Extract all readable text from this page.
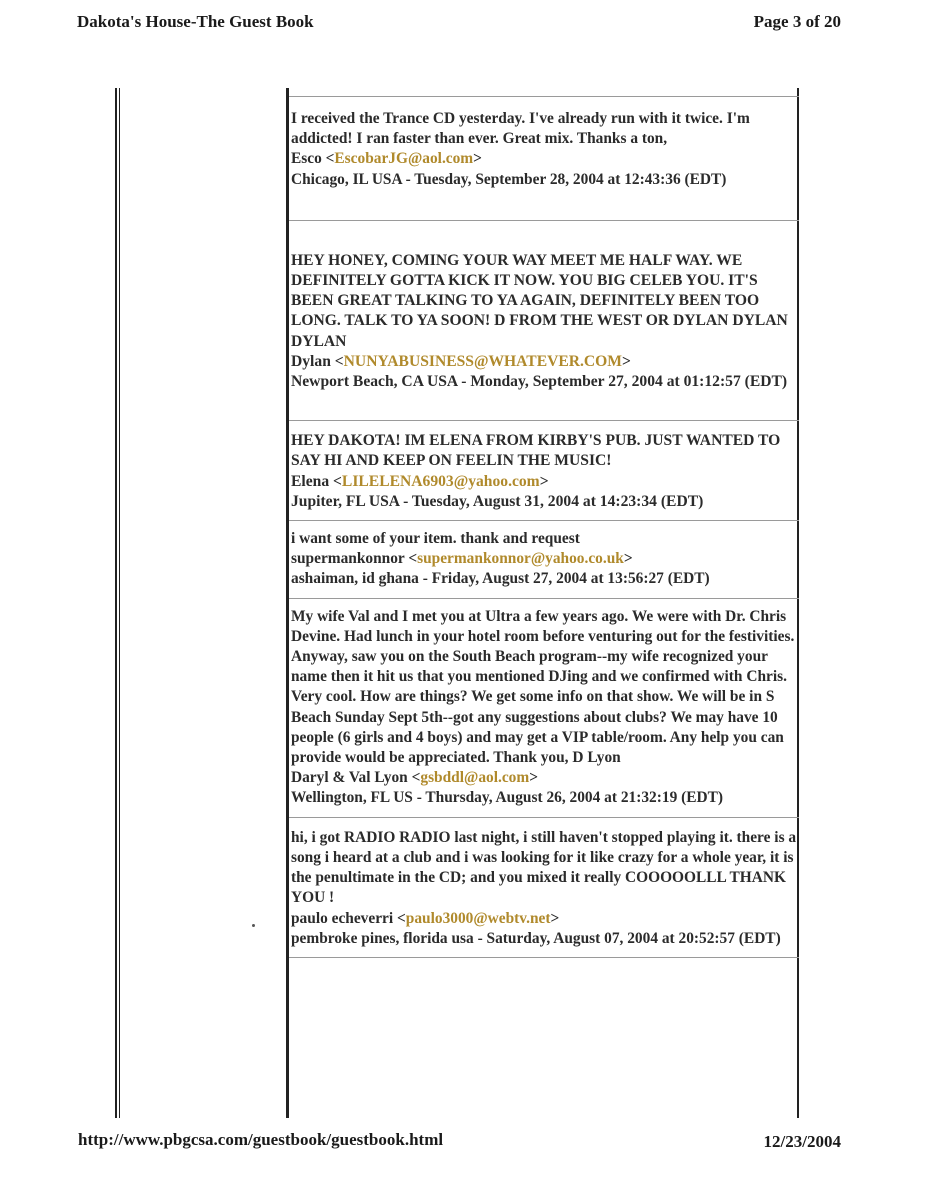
Dakota's House-The Guest Book	Page 3 of 20
I received the Trance CD yesterday. I've already run with it twice. I'm addicted! I ran faster than ever. Great mix. Thanks a ton,
Esco <EscobarJG@aol.com>
Chicago, IL USA - Tuesday, September 28, 2004 at 12:43:36 (EDT)
HEY HONEY, COMING YOUR WAY MEET ME HALF WAY. WE DEFINITELY GOTTA KICK IT NOW. YOU BIG CELEB YOU. IT'S BEEN GREAT TALKING TO YA AGAIN, DEFINITELY BEEN TOO LONG. TALK TO YA SOON! D FROM THE WEST OR DYLAN DYLAN DYLAN
Dylan <NUNYABUSINESS@WHATEVER.COM>
Newport Beach, CA USA - Monday, September 27, 2004 at 01:12:57 (EDT)
HEY DAKOTA! IM ELENA FROM KIRBY'S PUB. JUST WANTED TO SAY HI AND KEEP ON FEELIN THE MUSIC!
Elena <LILELENA6903@yahoo.com>
Jupiter, FL USA - Tuesday, August 31, 2004 at 14:23:34 (EDT)
i want some of your item. thank and request
supermankonnor <supermankonnor@yahoo.co.uk>
ashaiman, id ghana - Friday, August 27, 2004 at 13:56:27 (EDT)
My wife Val and I met you at Ultra a few years ago. We were with Dr. Chris Devine. Had lunch in your hotel room before venturing out for the festivities. Anyway, saw you on the South Beach program--my wife recognized your name then it hit us that you mentioned DJing and we confirmed with Chris. Very cool. How are things? We get some info on that show. We will be in S Beach Sunday Sept 5th--got any suggestions about clubs? We may have 10 people (6 girls and 4 boys) and may get a VIP table/room. Any help you can provide would be appreciated. Thank you, D Lyon
Daryl & Val Lyon <gsbddl@aol.com>
Wellington, FL US - Thursday, August 26, 2004 at 21:32:19 (EDT)
hi, i got RADIO RADIO last night, i still haven't stopped playing it. there is a song i heard at a club and i was looking for it like crazy for a whole year, it is the penultimate in the CD; and you mixed it really COOOOOLLL THANK YOU !
paulo echeverri <paulo3000@webtv.net>
pembroke pines, florida usa - Saturday, August 07, 2004 at 20:52:57 (EDT)
http://www.pbgcsa.com/guestbook/guestbook.html	12/23/2004
